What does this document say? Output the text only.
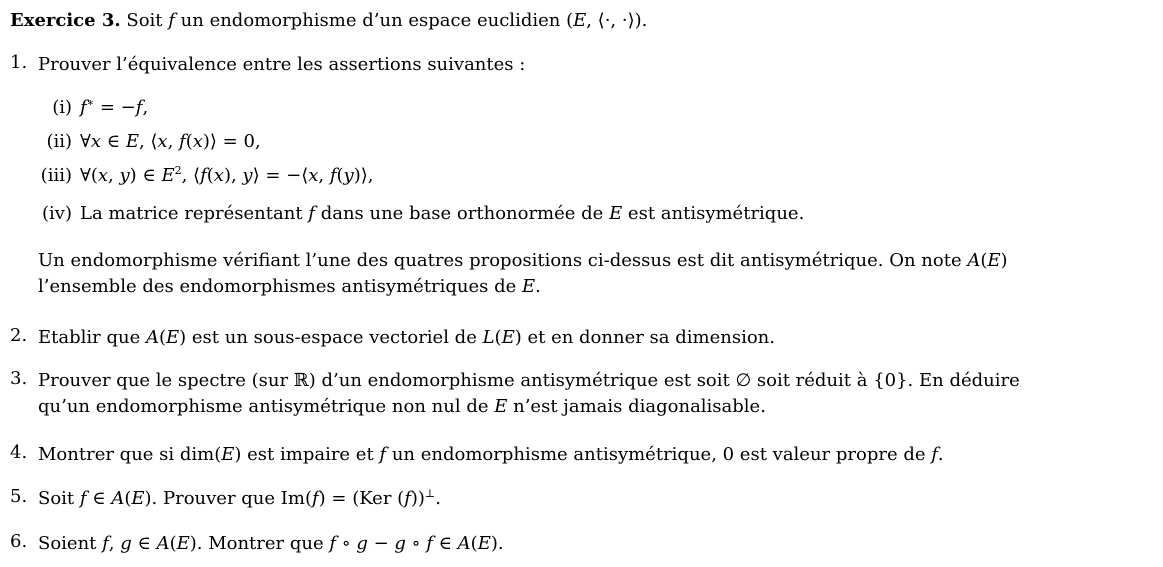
Exercice 3. Soit f un endomorphisme d’un espace euclidien (E, ⟨·, ·⟩).

1. Prouver l’équivalence entre les assertions suivantes :

(i) f∗ = −f,

(ii) ∀x ∈ E, ⟨x, f(x)⟩ = 0,

(iii) ∀(x, y) ∈ $E^2$, ⟨f(x), y⟩ = −⟨x, f(y)⟩,

(iv) La matrice représentant f dans une base orthonormée de E est antisymétrique.

Un endomorphisme vérifiant l’une des quatres propositions ci-dessus est dit antisymétrique. On note A(E)

l’ensemble des endomorphismes antisymétriques de E.

2. Etablir que A(E) est un sous-espace vectoriel de L(E) et en donner sa dimension.

3. Prouver que le spectre (sur ℝ) d’un endomorphisme antisymétrique est soit ∅ soit réduit à {0}. En déduire

qu’un endomorphisme antisymétrique non nul de E n’est jamais diagonalisable.

4. Montrer que si dim(E) est impaire et f un endomorphisme antisymétrique, 0 est valeur propre de f.

5. Soit f ∈ A(E). Prouver que Im(f) = (Ker (f))⊥.

6. Soient f, g ∈ A(E). Montrer que f ∘ g − g ∘ f ∈ A(E).
